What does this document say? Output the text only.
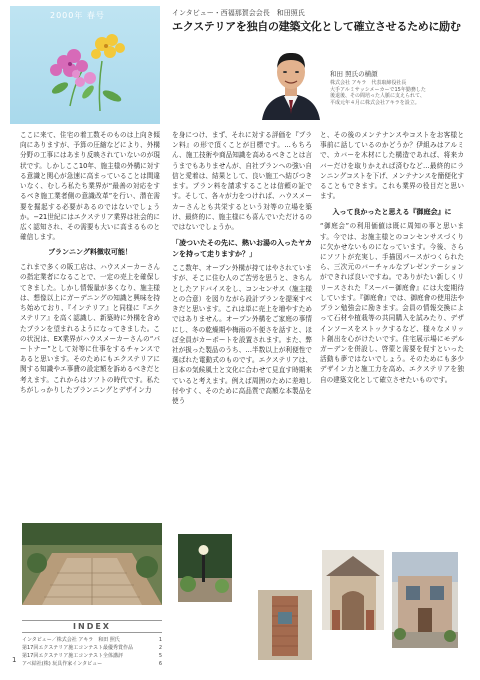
2000年 春号	インタビュー・西福那賀会会長　和田照氏
エクステリアを独自の建築文化として確立させるために励む
和田 照氏の横顔
株式会社 アキラ　代表取締役社長
大手アルミサッシメーカーで15年勤務した
後退後、その間培った人脈に支えられて、
平成元年４月に株式会社アキラを設立。

ここに来て、住宅の着工数そのものは上向き傾向にありますが、予算の圧縮などにより、外構分野の工事にはあまり反映されていないのが現状です。しかしここ10年、施主様の外構に対する意識と関心が急速に高まっていることは間違いなく、むしろ私たち業界が“最善の対応をするべき施工業者側の意識改革”を行い、潜在需要を掘起する必要があるのではないでしょうか。−21世紀にはエクステリア業界は社会的に広く認知され、その需要も大いに高まるものと確信します。

プランニング料徴収可能！

これまで多くの販工店は、ハウスメーカーさんの指定業者になることで、一定の売上を確保してきました。しかし情報量が多くなり、施主様は、想像以上にガーデニングの知識と興味を持ち始めており、『インテリア』と同様に『エクステリア』を高く認識し、新築時に外構を含めたプランを望まれるようになってきました。この状況は、EX業界がハウスメーカーさんの“パートナー”として対等に仕事をするチャンスであると思います。そのためにもエクステリアに関する知識やエ事費の設定額を訴めるべきだと考えます。これからはソフトの時代です。私たちがしっかりしたプランニングとデザイン力

を身につけ、まず、それに対する評価を『プラン料』の形で頂くことが目標です。…もちろん、施工技術や商品知識を高めるべきことは言うまでもありませんが、自社プランへの強い自信と愛着は、結果として、良い施工へ結びつきます。プラン料を請求することは信頼の証です。そして、各々が力をつければ、ハウスメーカーさんとも共栄するという対等の立場を築け、最終的に、施主様にも喜んでいただけるのではないでしょうか。

「凌ついたその先に、熱いお湯の入ったヤカンを持って走りますか？」

ここ数年、オープン外構が持てはやされていますが、そこに住む人のご苦労を思うと、きちんとしたアドバイスをし、コンセンサス（施主様との合意）を図りながら設計プランを提案すべきだと思います。これは単に売上を増やすためではありません。オープン外構をご家庭の事情にし、冬の乾燥期や梅雨の不便さを話すと、ほぼ全員がカーポートを設置されます。また、弊社が扱った製品のうち、…半数以上が利便性で選ばれた電動式のものです。エクステリアは、日本の気候風土と文化に合わせて見直す時期来ていると考えます。例えば周囲のために差地し付やすく、そのために高品質で高額な本製品を使う

と、その後のメンテナンスやコストをお客様と事前に話しているのかどうか？伊組みはアルミで、カバーを木材にした構造であれば、将来カバーだけを取りかえれば済むなど…最終的にランニングコストを下げ、メンテナンスを簡便化することもできます。これも業界の役目だと思います。

入って良かったと思える『御庭会』に

“御庭会”の利用価値は既に周知の事と思います。今では、お施主様とのコンセンサスづくりに欠かせないものになっています。今後、さらにソフトが充実し、手描図パースがつくられたら、三次元のバーチャルなプレゼンテーションができれば良いですね。でありがたい新しくリリースされた『スーパー御庭會』には大変期待しています。『御庭會』では、御庭會の使用法やプラン勉強会に励きます。会員の情報交換によって石材や植栽等の共同購入を試みたり、デザインソースをストックするなど、様々なメリット創出を心がけたいです。住宅展示場にモデルガーデンを併設し、啓蒙と需要を促すといった活動も夢ではないでしょう。そのためにも多少デザイン力と施工力を高め、エクステリアを独自の建築文化として確立させたいものです。

INDEX
インタビュー／株式会社 アキラ　和田 照氏	1
第17回エクステリア施工コンテスト最優秀賞作品	2
第17回エクステリア施工コンテスト全体講評	5
アベ結社(株) 玩具作家インタビュー	6
1
